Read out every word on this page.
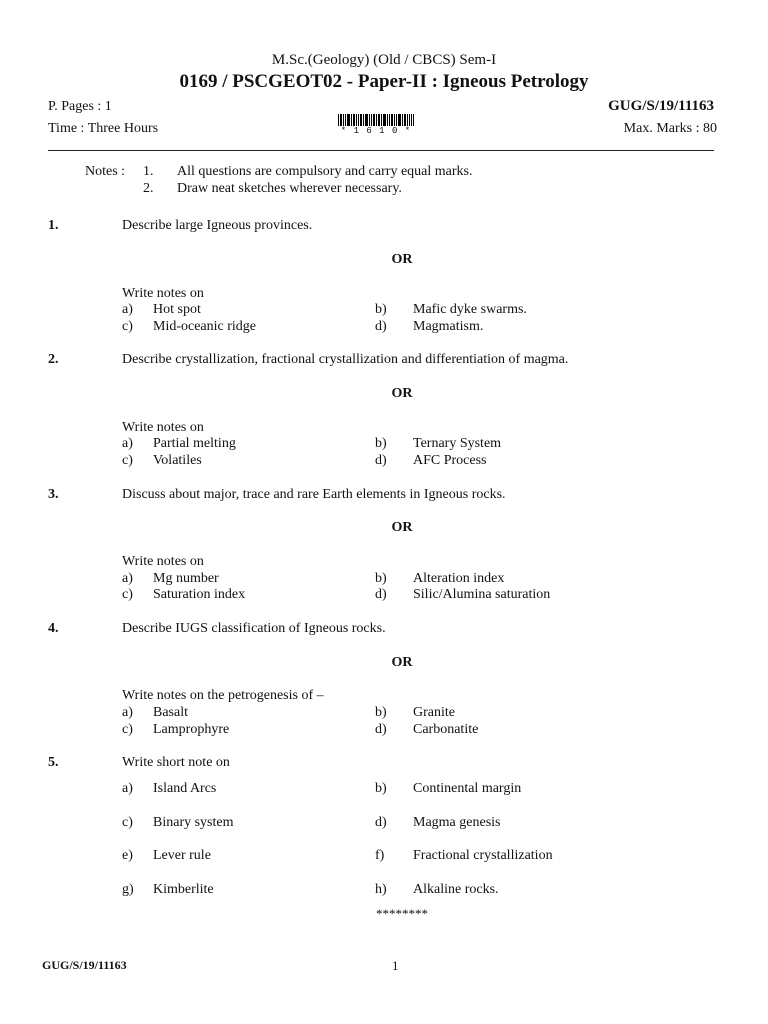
M.Sc.(Geology) (Old / CBCS) Sem-I
0169 / PSCGEOT02 - Paper-II : Igneous Petrology
P. Pages : 1	GUG/S/19/11163
Time : Three Hours	Max. Marks : 80
* 1 6 1 0 *
Notes : 1. All questions are compulsory and carry equal marks.
2. Draw neat sketches wherever necessary.
1.	Describe large Igneous provinces.
OR
Write notes on
a) Hot spot	b) Mafic dyke swarms.
c) Mid-oceanic ridge	d) Magmatism.
2.	Describe crystallization, fractional crystallization and differentiation of magma.
OR
Write notes on
a) Partial melting	b) Ternary System
c) Volatiles	d) AFC Process
3.	Discuss about major, trace and rare Earth elements in Igneous rocks.
OR
Write notes on
a) Mg number	b) Alteration index
c) Saturation index	d) Silic/Alumina saturation
4.	Describe IUGS classification of Igneous rocks.
OR
Write notes on the petrogenesis of –
a) Basalt	b) Granite
c) Lamprophyre	d) Carbonatite
5.	Write short note on
a) Island Arcs	b) Continental margin
c) Binary system	d) Magma genesis
e) Lever rule	f) Fractional crystallization
g) Kimberlite	h) Alkaline rocks.
********
GUG/S/19/11163	1
